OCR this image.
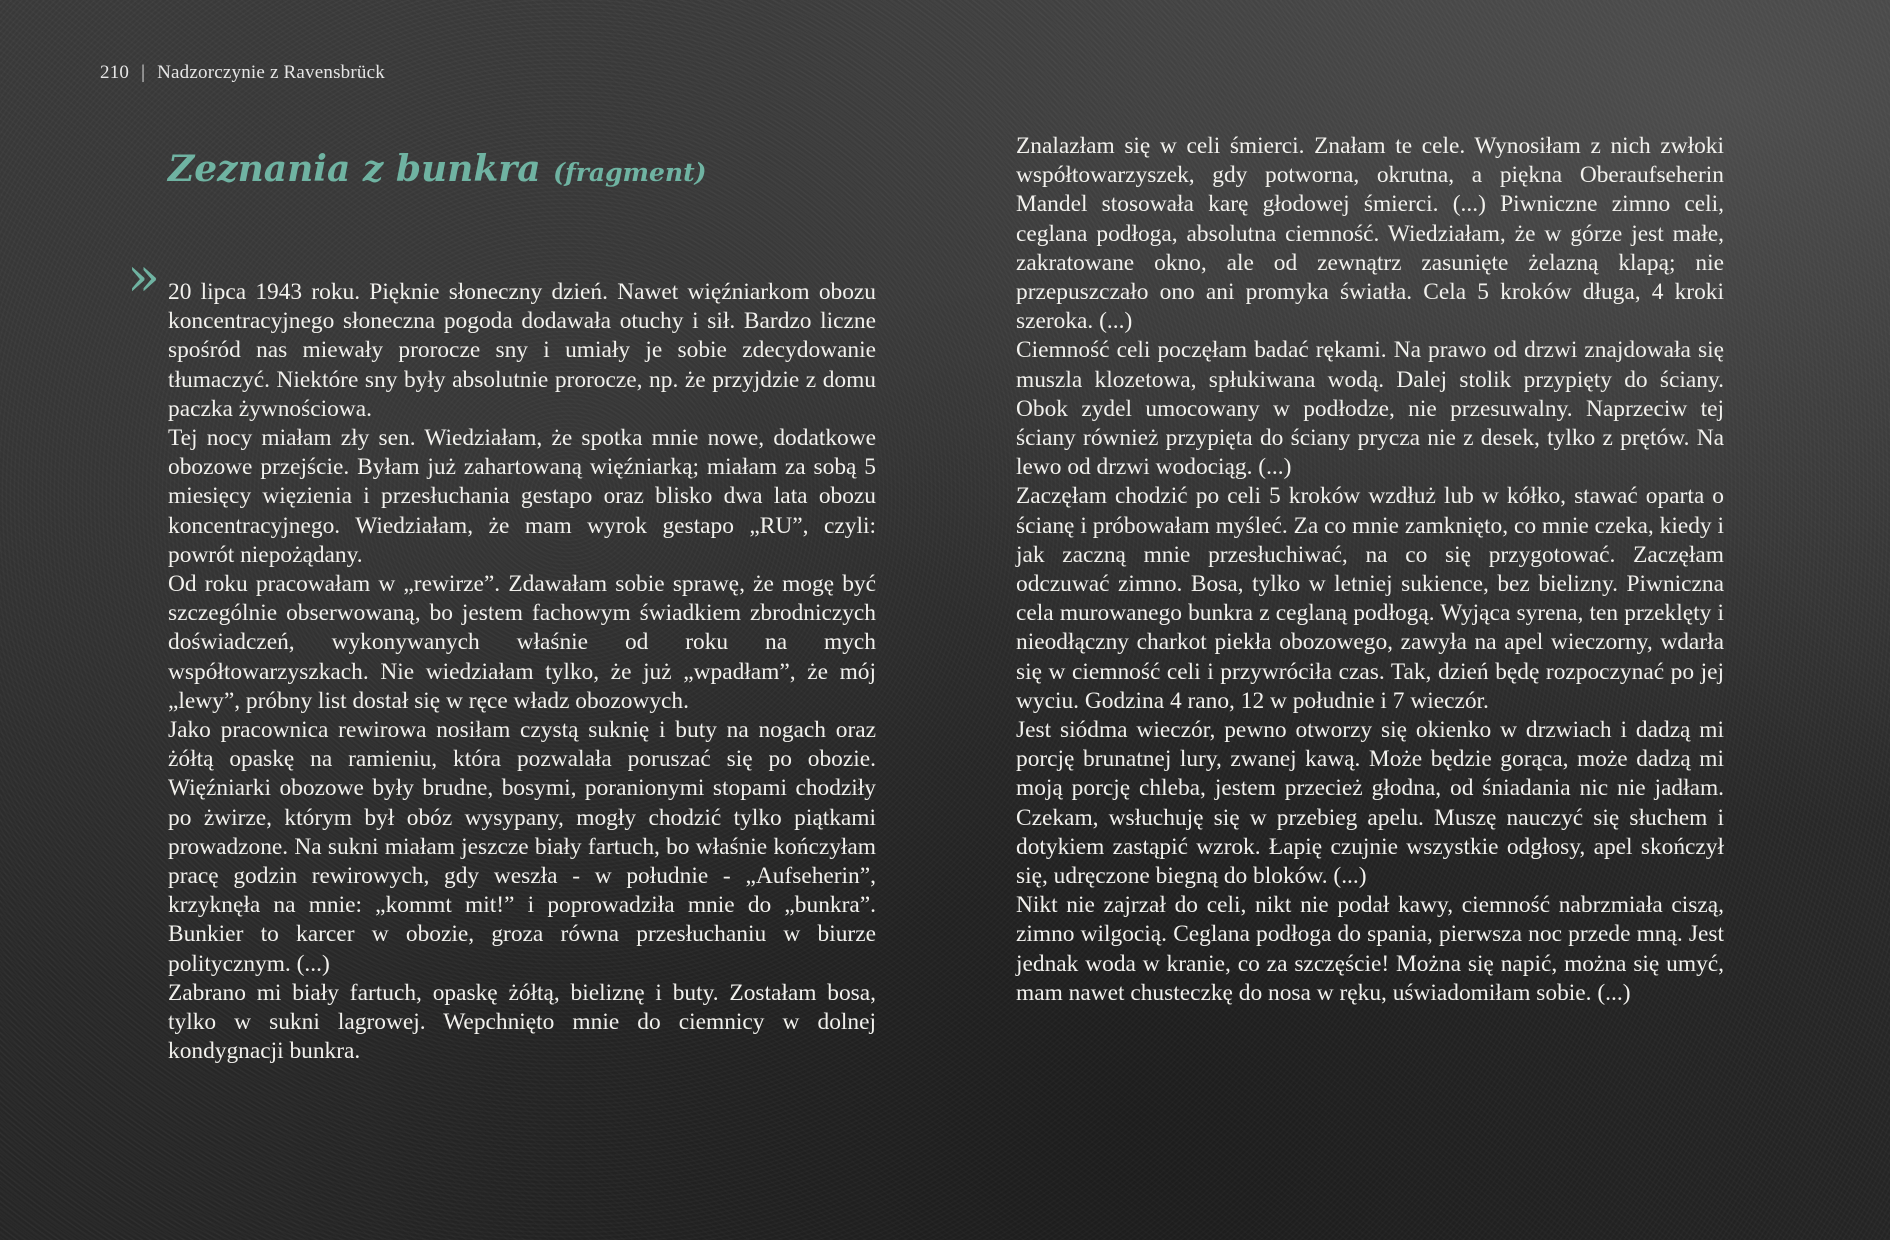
210 | Nadzorczynie z Ravensbrück
Zeznania z bunkra (fragment)
» 20 lipca 1943 roku. Pięknie słoneczny dzień. Nawet więźniarkom obozu koncentracyjnego słoneczna pogoda dodawała otuchy i sił. Bardzo liczne spośród nas miewały prorocze sny i umiały je sobie zdecydowanie tłumaczyć. Niektóre sny były absolutnie prorocze, np. że przyjdzie z domu paczka żywnościowa.

Tej nocy miałam zły sen. Wiedziałam, że spotka mnie nowe, dodatkowe obozowe przejście. Byłam już zahartowaną więźniarką; miałam za sobą 5 miesięcy więzienia i przesłuchania gestapo oraz blisko dwa lata obozu koncentracyjnego. Wiedziałam, że mam wyrok gestapo „RU”, czyli: powrót niepożądany.

Od roku pracowałam w „rewirze”. Zdawałam sobie sprawę, że mogę być szczególnie obserwowaną, bo jestem fachowym świadkiem zbrodniczych doświadczeń, wykonywanych właśnie od roku na mych współtowarzyszkach. Nie wiedziałam tylko, że już „wpadłam”, że mój „lewy”, próbny list dostał się w ręce władz obozowych.

Jako pracownica rewirowa nosiłam czystą suknię i buty na nogach oraz żółtą opaskę na ramieniu, która pozwalała poruszać się po obozie. Więźniarki obozowe były brudne, bosymi, poranionymi stopami chodziły po żwirze, którym był obóz wysypany, mogły chodzić tylko piątkami prowadzone. Na sukni miałam jeszcze biały fartuch, bo właśnie kończyłam pracę godzin rewirowych, gdy weszła - w południe - „Aufseherin”, krzyknęła na mnie: „kommt mit!” i poprowadziła mnie do „bunkra”. Bunkier to karcer w obozie, groza równa przesłuchaniu w biurze politycznym. (...)

Zabrano mi biały fartuch, opaskę żółtą, bieliznę i buty. Zostałam bosa, tylko w sukni lagrowej. Wepchnięto mnie do ciemnicy w dolnej kondygnacji bunkra.

Znalazłam się w celi śmierci. Znałam te cele. Wynosiłam z nich zwłoki współtowarzyszek, gdy potworna, okrutna, a piękna Oberaufseherin Mandel stosowała karę głodowej śmierci. (...) Piwniczne zimno celi, ceglana podłoga, absolutna ciemność. Wiedziałam, że w górze jest małe, zakratowane okno, ale od zewnątrz zasunięte żelazną klapą; nie przepuszczało ono ani promyka światła. Cela 5 kroków długa, 4 kroki szeroka. (...)

Ciemność celi poczęłam badać rękami. Na prawo od drzwi znajdowała się muszla klozetowa, spłukiwana wodą. Dalej stolik przypięty do ściany. Obok zydel umocowany w podłodze, nie przesuwalny. Naprzeciw tej ściany również przypięta do ściany prycza nie z desek, tylko z prętów. Na lewo od drzwi wodociąg. (...)

Zaczęłam chodzić po celi 5 kroków wzdłuż lub w kółko, stawać oparta o ścianę i próbowałam myśleć. Za co mnie zamknięto, co mnie czeka, kiedy i jak zaczną mnie przesłuchiwać, na co się przygotować. Zaczęłam odczuwać zimno. Bosa, tylko w letniej sukience, bez bielizny. Piwniczna cela murowanego bunkra z ceglaną podłogą. Wyjąca syrena, ten przeklęty i nieodłączny charkot piekła obozowego, zawyła na apel wieczorny, wdarła się w ciemność celi i przywróciła czas. Tak, dzień będę rozpoczynać po jej wyciu. Godzina 4 rano, 12 w południe i 7 wieczór.

Jest siódma wieczór, pewno otworzy się okienko w drzwiach i dadzą mi porcję brunatnej lury, zwanej kawą. Może będzie gorąca, może dadzą mi moją porcję chleba, jestem przecież głodna, od śniadania nic nie jadłam. Czekam, wsłuchuję się w przebieg apelu. Muszę nauczyć się słuchem i dotykiem zastąpić wzrok. Łapię czujnie wszystkie odgłosy, apel skończył się, udręczone biegną do bloków. (...)

Nikt nie zajrzał do celi, nikt nie podał kawy, ciemność nabrzmiała ciszą, zimno wilgocią. Ceglana podłoga do spania, pierwsza noc przede mną. Jest jednak woda w kranie, co za szczęście! Można się napić, można się umyć, mam nawet chusteczkę do nosa w ręku, uświadomiłam sobie. (...)
